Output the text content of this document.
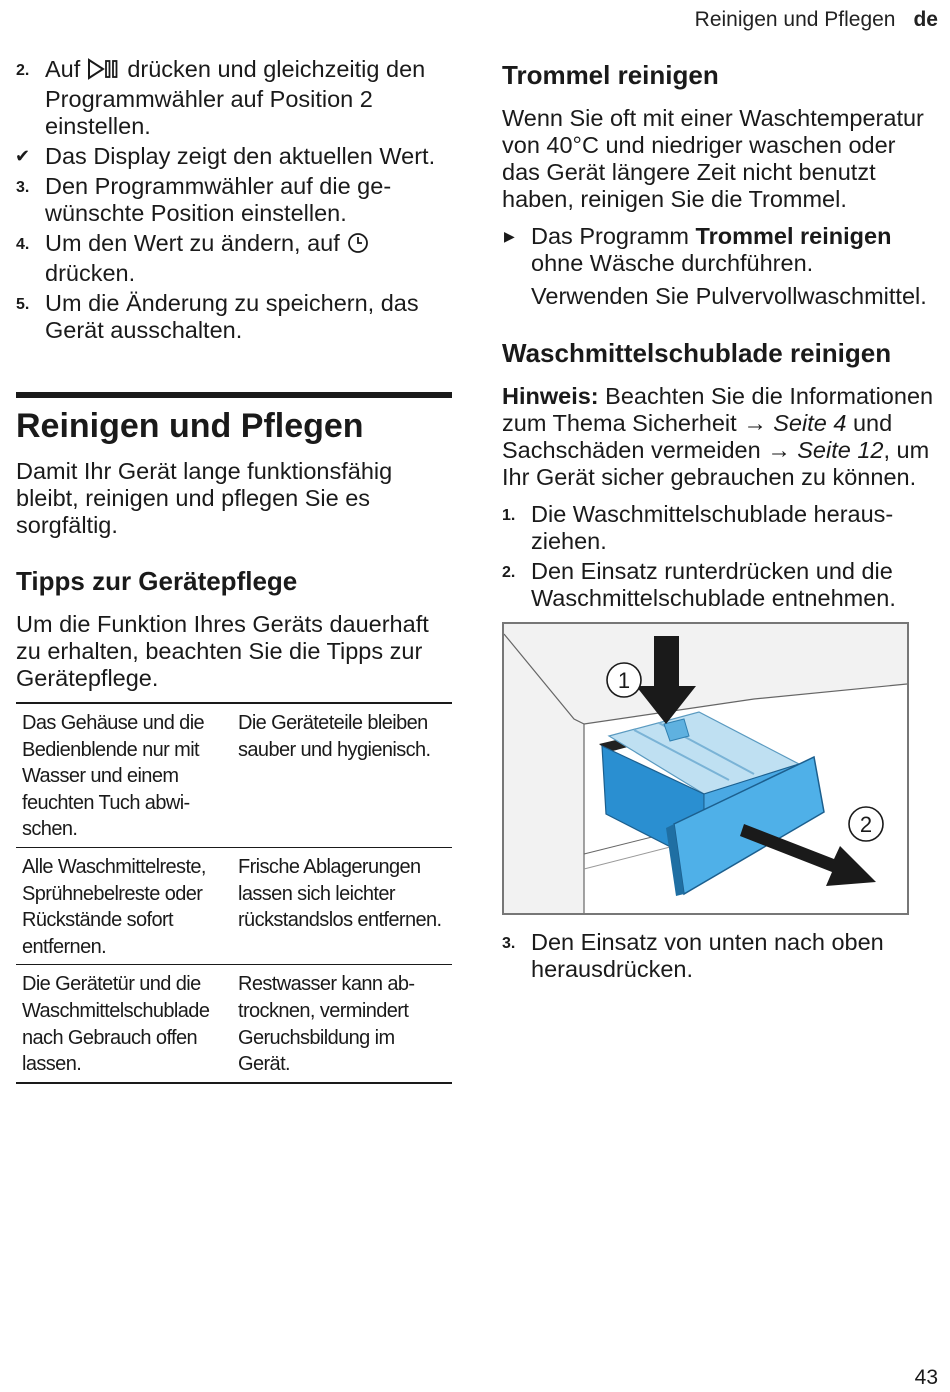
Reinigen und Pflegen de
2. Auf drücken und gleichzeitig den Programmwähler auf Position 2 einstellen.
✔ Das Display zeigt den aktuellen Wert.
3. Den Programmwähler auf die gewünschte Position einstellen.
4. Um den Wert zu ändern, auf  drücken.
5. Um die Änderung zu speichern, das Gerät ausschalten.
Reinigen und Pflegen
Damit Ihr Gerät lange funktionsfähig bleibt, reinigen und pflegen Sie es sorgfältig.
Tipps zur Gerätepflege
Um die Funktion Ihres Geräts dauerhaft zu erhalten, beachten Sie die Tipps zur Gerätepflege.
Das Gehäuse und die Bedienblende nur mit Wasser und einem feuchten Tuch abwischen.	Die Geräteteile bleiben sauber und hygienisch.
Alle Waschmittelreste, Sprühnebelreste oder Rückstände sofort entfernen.	Frische Ablagerungen lassen sich leichter rückstandslos entfernen.
Die Gerätetür und die Waschmittelschublade nach Gebrauch offen lassen.	Restwasser kann abtrocknen, vermindert Geruchsbildung im Gerät.
Trommel reinigen
Wenn Sie oft mit einer Waschtemperatur von 40°C und niedriger waschen oder das Gerät längere Zeit nicht benutzt haben, reinigen Sie die Trommel.
▶ Das Programm Trommel reinigen ohne Wäsche durchführen.
Verwenden Sie Pulvervollwaschmittel.
Waschmittelschublade reinigen
Hinweis: Beachten Sie die Informationen zum Thema Sicherheit → Seite 4 und Sachschäden vermeiden → Seite 12, um Ihr Gerät sicher gebrauchen zu können.
1. Die Waschmittelschublade herausziehen.
2. Den Einsatz runterdrücken und die Waschmittelschublade entnehmen.
1
2
3. Den Einsatz von unten nach oben herausdrücken.
43
